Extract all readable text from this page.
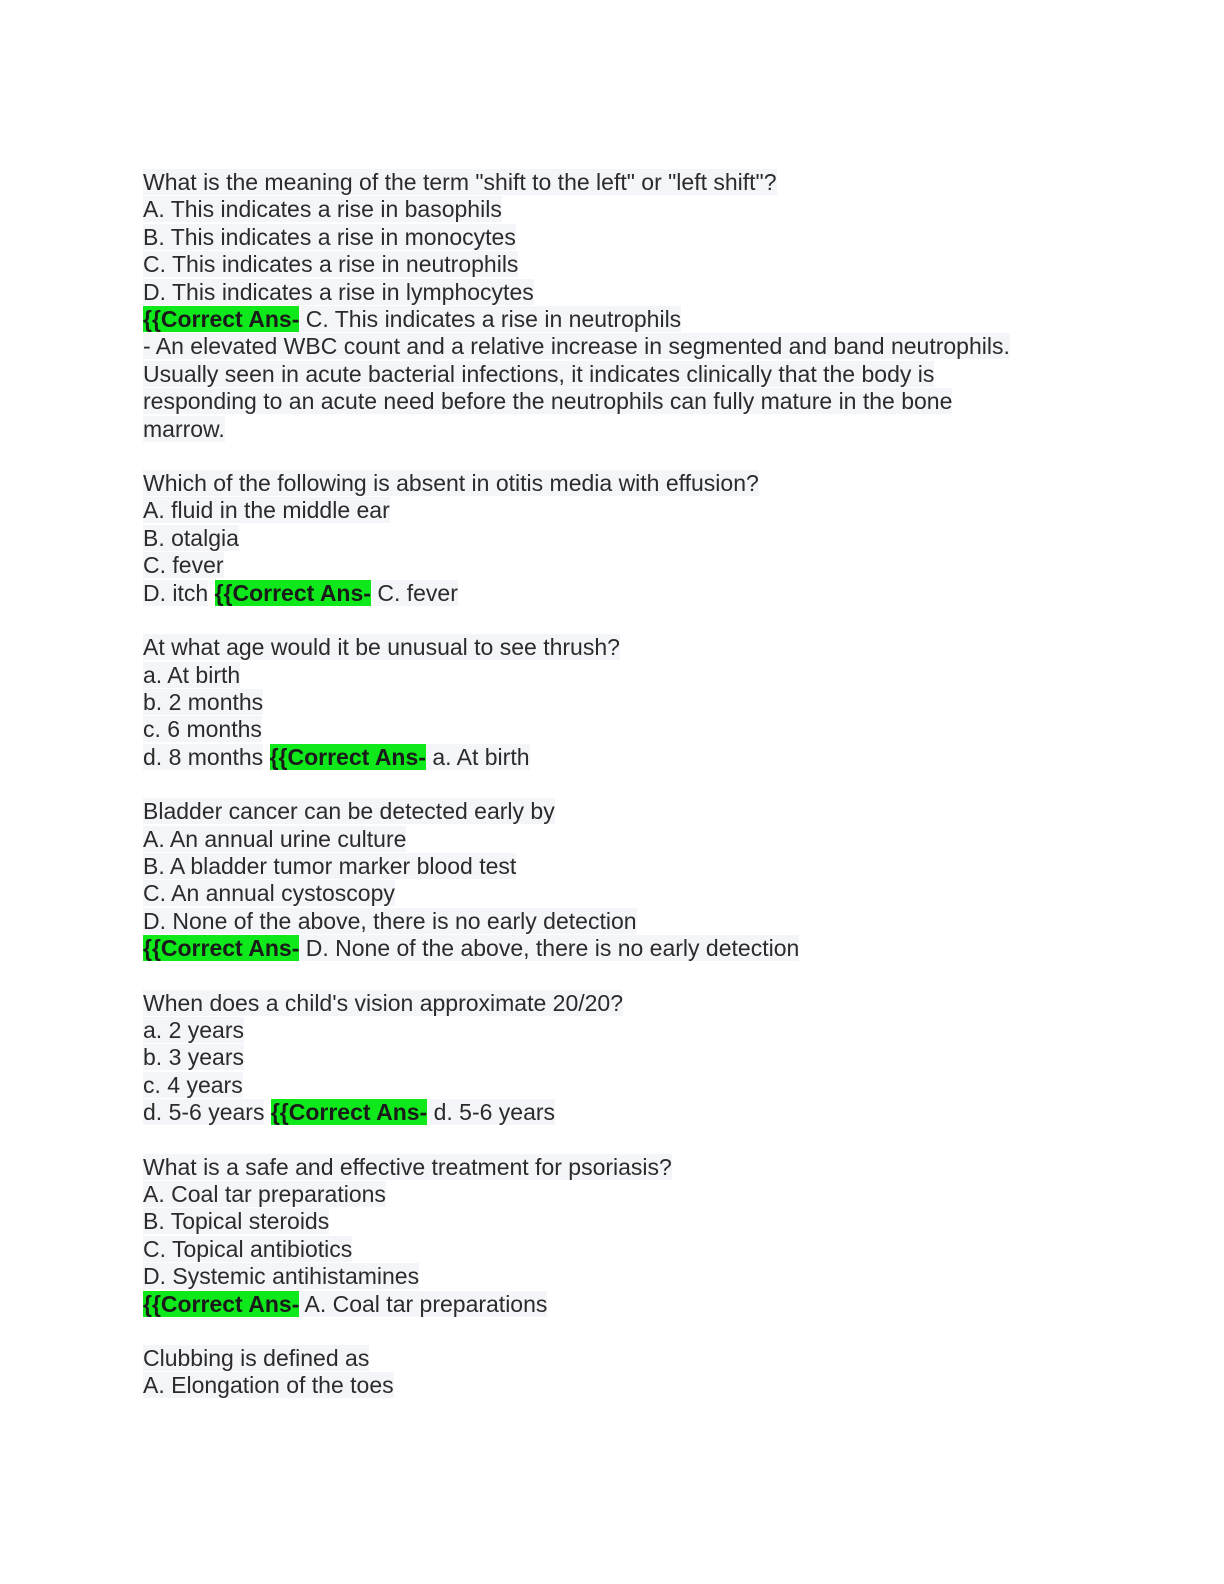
What is the meaning of the term "shift to the left" or "left shift"?
A. This indicates a rise in basophils
B. This indicates a rise in monocytes
C. This indicates a rise in neutrophils
D. This indicates a rise in lymphocytes
{{Correct Ans- C. This indicates a rise in neutrophils
- An elevated WBC count and a relative increase in segmented and band neutrophils.
Usually seen in acute bacterial infections, it indicates clinically that the body is
responding to an acute need before the neutrophils can fully mature in the bone
marrow.
Which of the following is absent in otitis media with effusion?
A. fluid in the middle ear
B. otalgia
C. fever
D. itch {{Correct Ans- C. fever
At what age would it be unusual to see thrush?
a. At birth
b. 2 months
c. 6 months
d. 8 months {{Correct Ans- a. At birth
Bladder cancer can be detected early by
A. An annual urine culture
B. A bladder tumor marker blood test
C. An annual cystoscopy
D. None of the above, there is no early detection
{{Correct Ans- D. None of the above, there is no early detection
When does a child's vision approximate 20/20?
a. 2 years
b. 3 years
c. 4 years
d. 5-6 years {{Correct Ans- d. 5-6 years
What is a safe and effective treatment for psoriasis?
A. Coal tar preparations
B. Topical steroids
C. Topical antibiotics
D. Systemic antihistamines
{{Correct Ans- A. Coal tar preparations
Clubbing is defined as
A. Elongation of the toes
